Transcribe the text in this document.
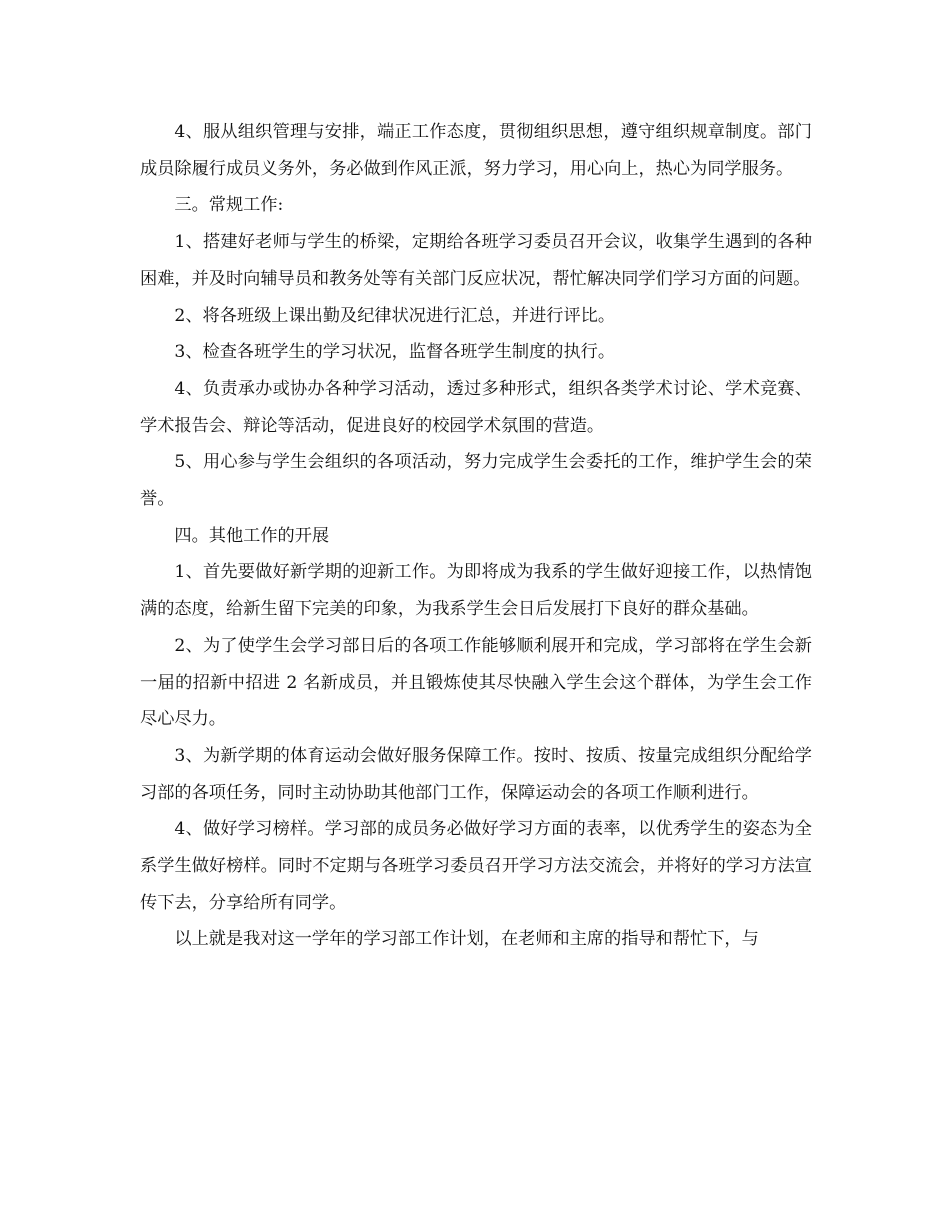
4、服从组织管理与安排，端正工作态度，贯彻组织思想，遵守组织规章制度。部门成员除履行成员义务外，务必做到作风正派，努力学习，用心向上，热心为同学服务。

三。常规工作:

1、搭建好老师与学生的桥梁，定期给各班学习委员召开会议，收集学生遇到的各种困难，并及时向辅导员和教务处等有关部门反应状况，帮忙解决同学们学习方面的问题。

2、将各班级上课出勤及纪律状况进行汇总，并进行评比。

3、检查各班学生的学习状况，监督各班学生制度的执行。

4、负责承办或协办各种学习活动，透过多种形式，组织各类学术讨论、学术竞赛、学术报告会、辩论等活动，促进良好的校园学术氛围的营造。

5、用心参与学生会组织的各项活动，努力完成学生会委托的工作，维护学生会的荣誉。

四。其他工作的开展

1、首先要做好新学期的迎新工作。为即将成为我系的学生做好迎接工作，以热情饱满的态度，给新生留下完美的印象，为我系学生会日后发展打下良好的群众基础。

2、为了使学生会学习部日后的各项工作能够顺利展开和完成，学习部将在学生会新一届的招新中招进 2 名新成员，并且锻炼使其尽快融入学生会这个群体，为学生会工作尽心尽力。

3、为新学期的体育运动会做好服务保障工作。按时、按质、按量完成组织分配给学习部的各项任务，同时主动协助其他部门工作，保障运动会的各项工作顺利进行。

4、做好学习榜样。学习部的成员务必做好学习方面的表率，以优秀学生的姿态为全系学生做好榜样。同时不定期与各班学习委员召开学习方法交流会，并将好的学习方法宣传下去，分享给所有同学。

以上就是我对这一学年的学习部工作计划，在老师和主席的指导和帮忙下，与
